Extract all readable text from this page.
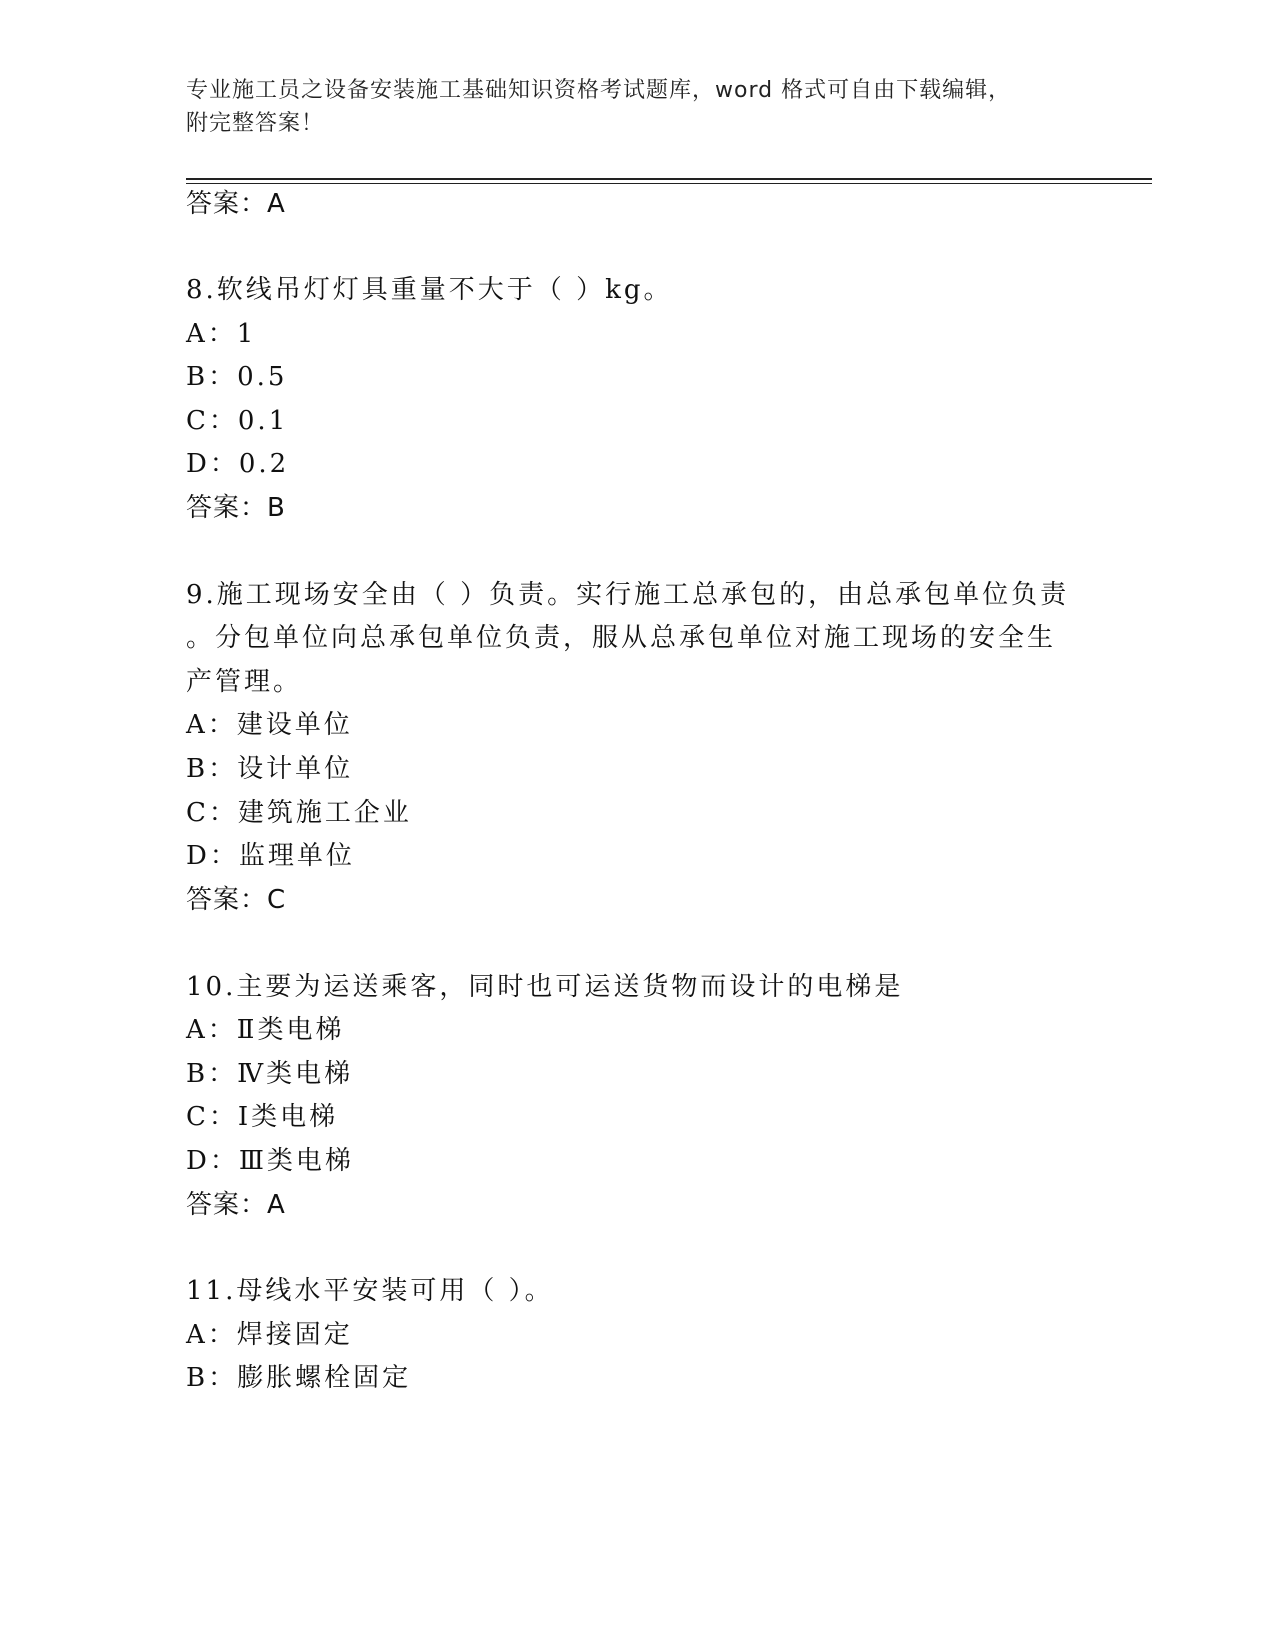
专业施工员之设备安装施工基础知识资格考试题库，word 格式可自由下载编辑，
附完整答案！
答案：A
8.软线吊灯灯具重量不大于（ ）kg。
A：1
B：0.5
C：0.1
D：0.2
答案：B
9.施工现场安全由（ ）负责。实行施工总承包的，由总承包单位负责
。分包单位向总承包单位负责，服从总承包单位对施工现场的安全生
产管理。
A：建设单位
B：设计单位
C：建筑施工企业
D：监理单位
答案：C
10.主要为运送乘客，同时也可运送货物而设计的电梯是
A：Ⅱ类电梯
B：Ⅳ类电梯
C：Ⅰ类电梯
D：Ⅲ类电梯
答案：A
11.母线水平安装可用（ ）。
A：焊接固定
B：膨胀螺栓固定
